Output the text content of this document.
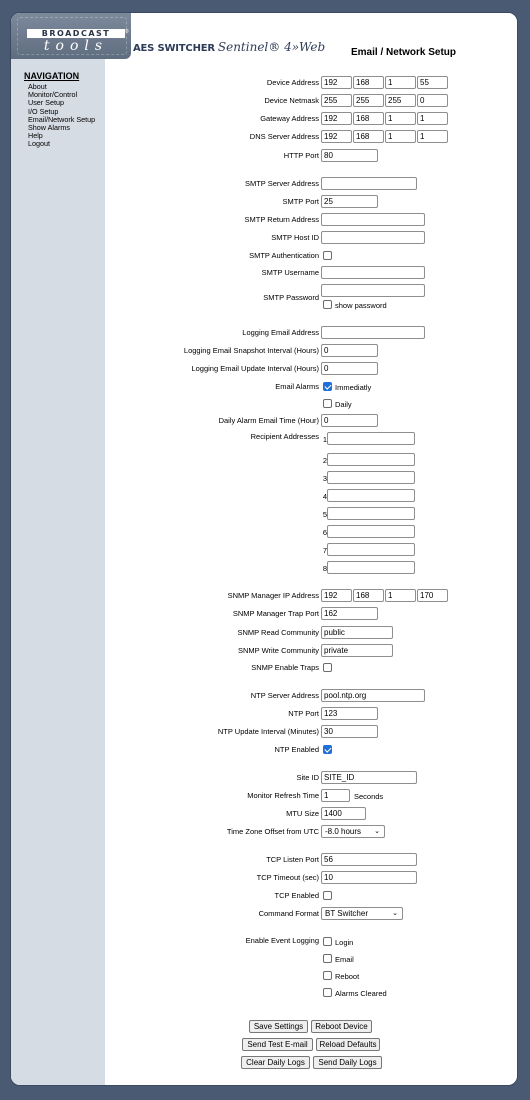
BROADCAST
tools
®
AES SWITCHER Sentinel® 4»Web	Email / Network Setup
NAVIGATION
About
Monitor/Control
User Setup
I/O Setup
Email/Network Setup
Show Alarms
Help
Logout
Device Address 192	168	1	55
Device Netmask 255	255	255	0
Gateway Address 192	168	1	1
DNS Server Address 192	168	1	1
HTTP Port 80
SMTP Server Address
SMTP Port 25
SMTP Return Address
SMTP Host ID
SMTP Authentication
SMTP Username
SMTP Password
show password
Logging Email Address
Logging Email Snapshot Interval (Hours) 0
Logging Email Update Interval (Hours) 0
Email Alarms Immediatly
Daily
Daily Alarm Email Time (Hour) 0
Recipient Addresses 1
2
3
4
5
6
7
8
SNMP Manager IP Address 192	168	1	170
SNMP Manager Trap Port 162
SNMP Read Community public
SNMP Write Community private
SNMP Enable Traps
NTP Server Address pool.ntp.org
NTP Port 123
NTP Update Interval (Minutes) 30
NTP Enabled
Site ID SITE_ID
Monitor Refresh Time 1	Seconds
MTU Size 1400
Time Zone Offset from UTC -8.0 hours ⌄
TCP Listen Port 56
TCP Timeout (sec) 10
TCP Enabled
Command Format BT Switcher	⌄
Enable Event Logging Login
Email
Reboot
Alarms Cleared
Save Settings	Reboot Device
Send Test E-mail	Reload Defaults
Clear Daily Logs	Send Daily Logs
